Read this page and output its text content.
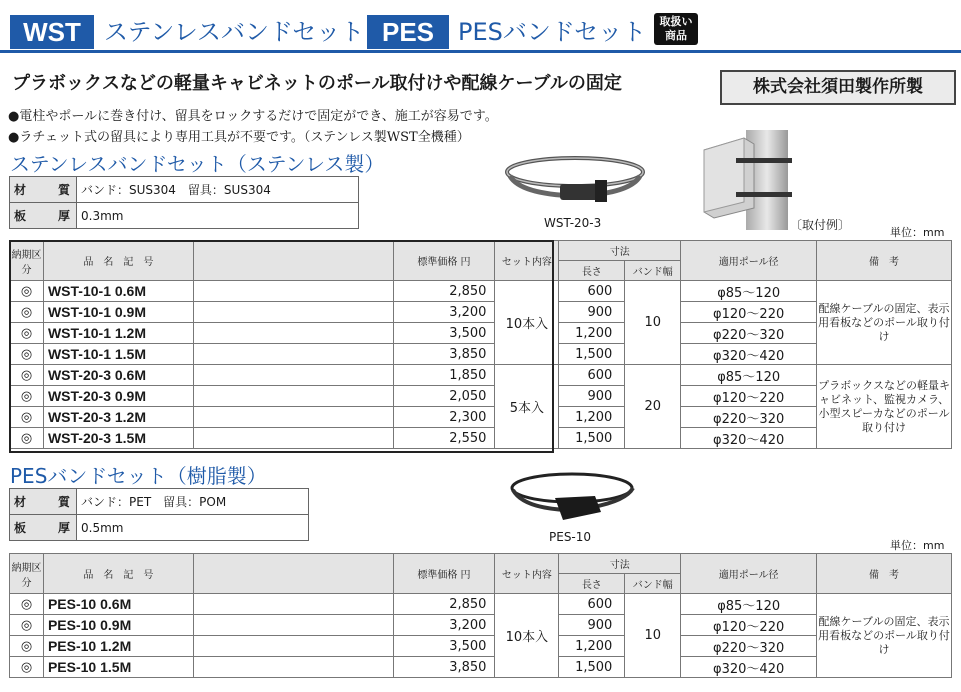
WST ステンレスバンドセット PES PESバンドセット	取扱い
商品
プラボックスなどの軽量キャビネットのポール取付けや配線ケーブルの固定	株式会社須田製作所製
●電柱やポールに巻き付け、留具をロックするだけで固定ができ、施工が容易です。
●ラチェット式の留具により専用工具が不要です。（ステンレス製WST全機種）
ステンレスバンドセット（ステンレス製）
材質	バンド：SUS304　留具：SUS304
板厚	0.3mm
WST-20-3	〔取付例〕
単位：mm
納期区分	品　名　記　号		標準価格 円	セット内容	寸法		適用ポール径	備　考
					長さ	バンド幅		
◎	WST-10-1 0.6M		2,850	10本入	600	10	φ85～120	配線ケーブルの固定、表示用看板などのポール取り付け
◎	WST-10-1 0.9M		3,200		900		φ120～220	
◎	WST-10-1 1.2M		3,500		1,200		φ220～320	
◎	WST-10-1 1.5M		3,850		1,500		φ320～420	
◎	WST-20-3 0.6M		1,850	5本入	600	20	φ85～120	プラボックスなどの軽量キャビネット、監視カメラ、小型スピーカなどのポール取り付け
◎	WST-20-3 0.9M		2,050		900		φ120～220	
◎	WST-20-3 1.2M		2,300		1,200		φ220～320	
◎	WST-20-3 1.5M		2,550		1,500		φ320～420	
PESバンドセット（樹脂製）
材質	バンド：PET　留具：POM
板厚	0.5mm
PES-10
単位：mm
納期区分	品　名　記　号		標準価格 円	セット内容	寸法		適用ポール径	備　考
					長さ	バンド幅		
◎	PES-10 0.6M		2,850	10本入	600	10	φ85～120	配線ケーブルの固定、表示用看板などのポール取り付け
◎	PES-10 0.9M		3,200		900		φ120～220	
◎	PES-10 1.2M		3,500		1,200		φ220～320	
◎	PES-10 1.5M		3,850		1,500		φ320～420	
